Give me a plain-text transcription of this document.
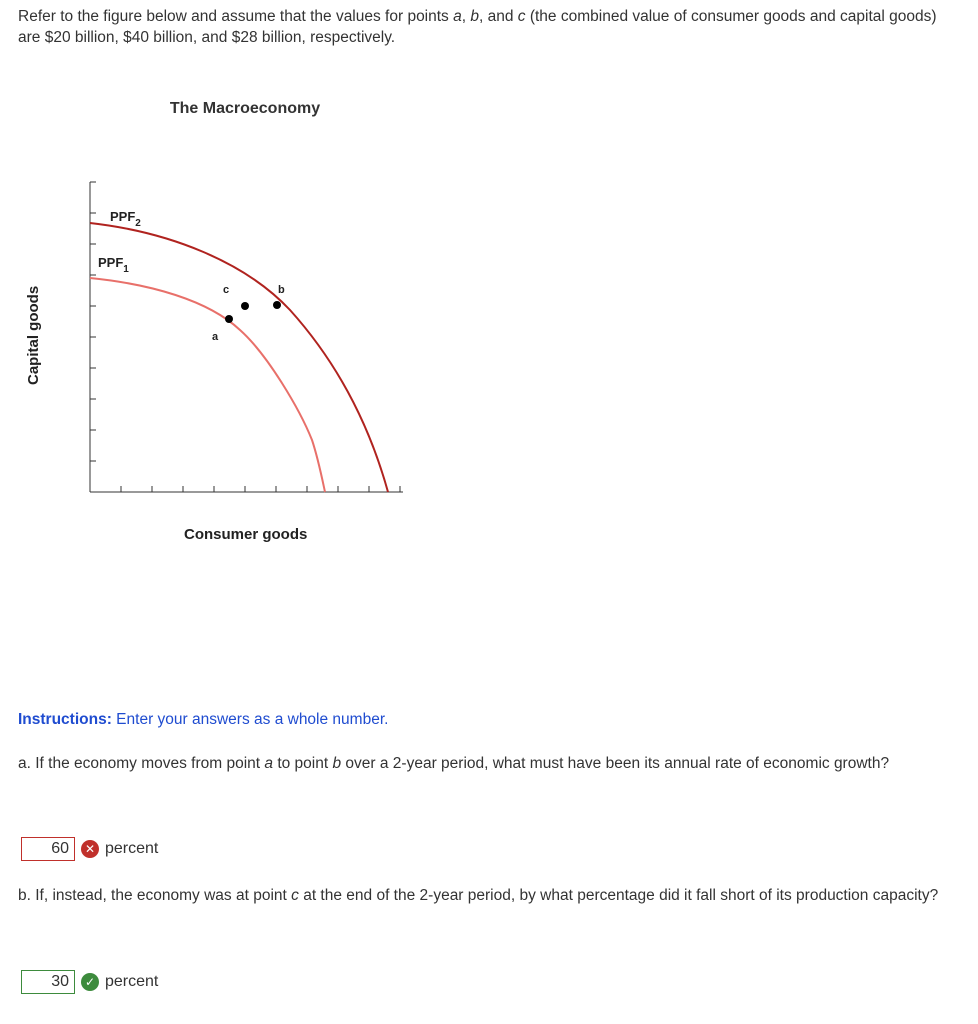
Refer to the figure below and assume that the values for points a, b, and c (the combined value of consumer goods and capital goods) are $20 billion, $40 billion, and $28 billion, respectively.

The Macroeconomy
$PPF_2$
$PPF_1$
a
b
c
Consumer goods
Capital goods
Instructions: Enter your answers as a whole number.

a. If the economy moves from point a to point b over a 2-year period, what must have been its annual rate of economic growth?

60
✕ percent

b. If, instead, the economy was at point c at the end of the 2-year period, by what percentage did it fall short of its production capacity?

30
✓ percent
